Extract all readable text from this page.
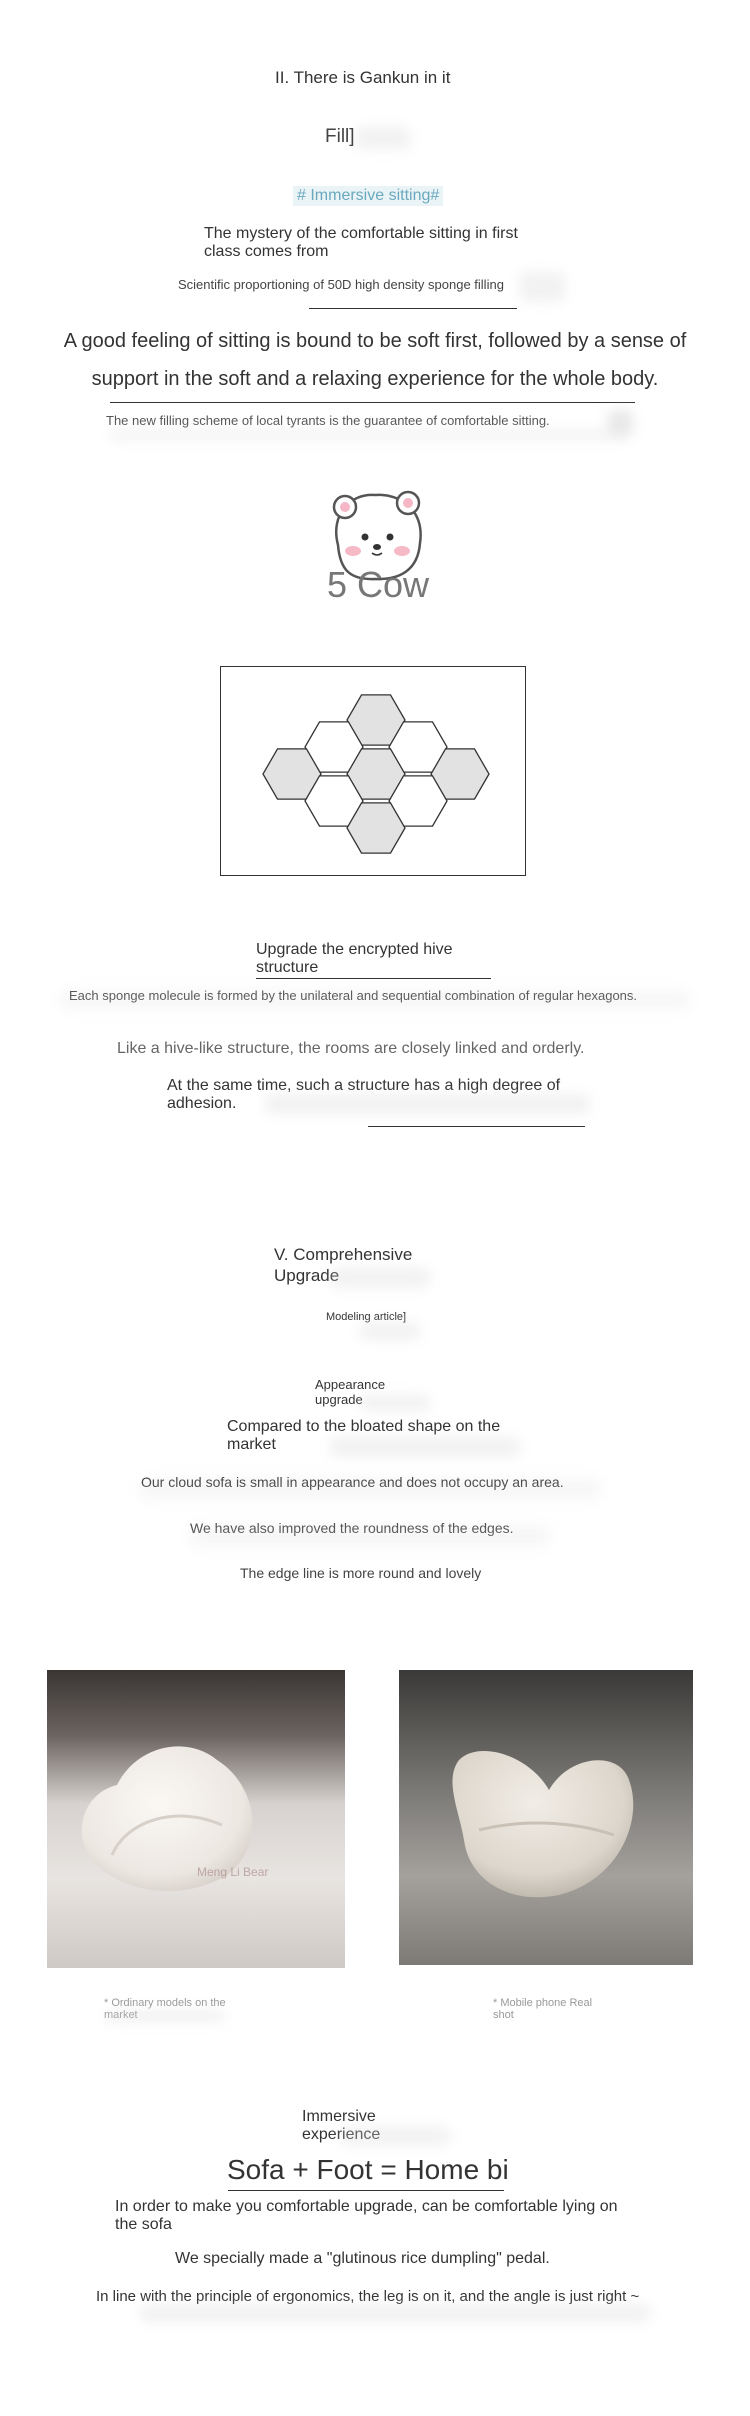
II. There is Gankun in it

Fill]

# Immersive sitting#

The mystery of the comfortable sitting in first class comes from

Scientific proportioning of 50D high density sponge filling

A good feeling of sitting is bound to be soft first, followed by a sense of support in the soft and a relaxing experience for the whole body.

The new filling scheme of local tyrants is the guarantee of comfortable sitting.

5 Cow

Upgrade the encrypted hive structure

Each sponge molecule is formed by the unilateral and sequential combination of regular hexagons.

Like a hive-like structure, the rooms are closely linked and orderly.

At the same time, such a structure has a high degree of adhesion.

V. Comprehensive Upgrade

Modeling article]

Appearance upgrade

Compared to the bloated shape on the market

Our cloud sofa is small in appearance and does not occupy an area.

We have also improved the roundness of the edges.

The edge line is more round and lovely

Meng Li Bear

* Ordinary models on the market

* Mobile phone Real shot

Immersive experience

Sofa + Foot = Home bi

In order to make you comfortable upgrade, can be comfortable lying on the sofa

We specially made a "glutinous rice dumpling" pedal.

In line with the principle of ergonomics, the leg is on it, and the angle is just right ~
